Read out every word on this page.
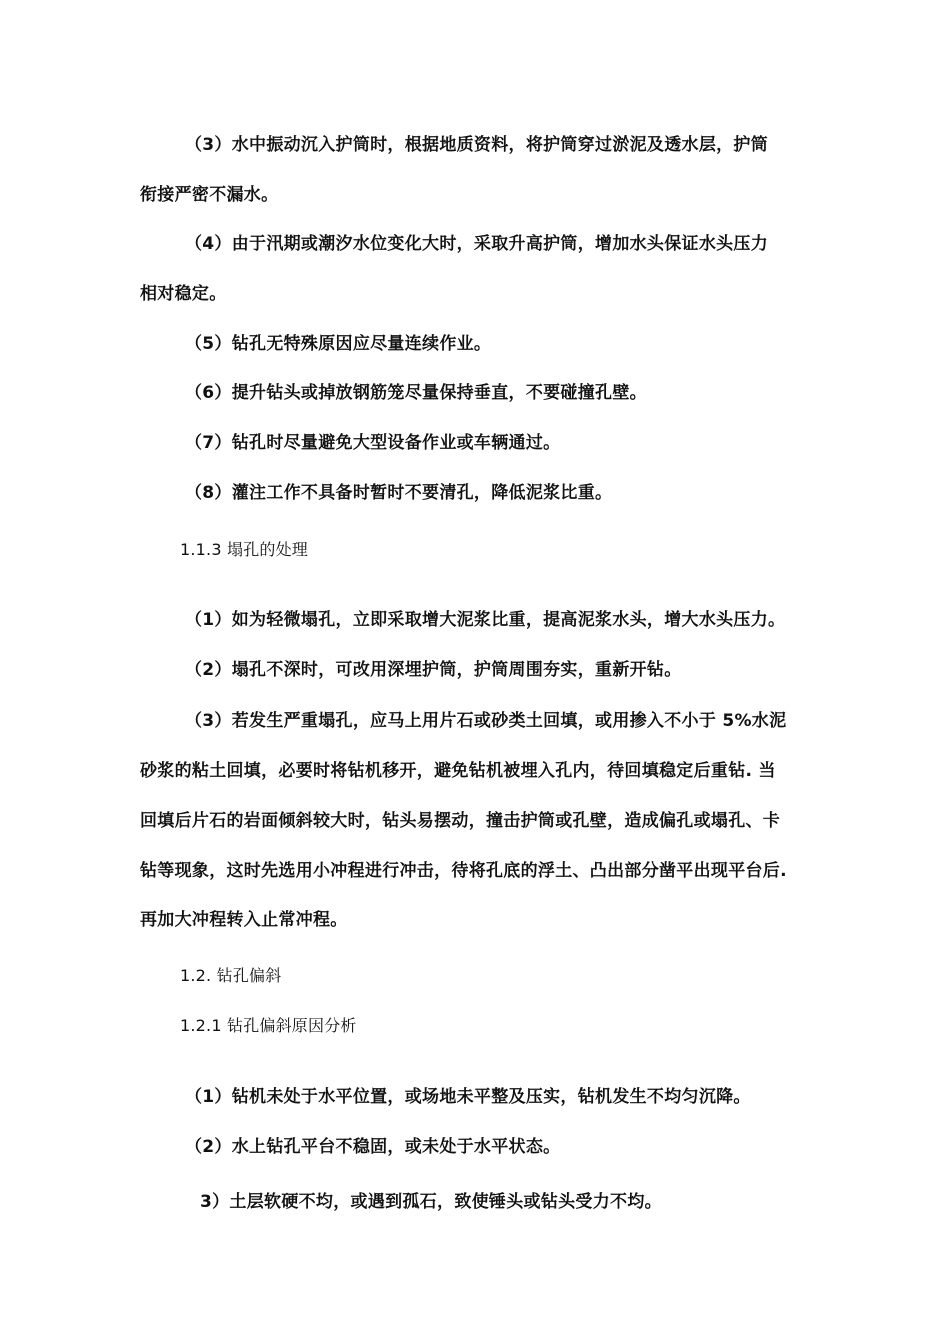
（3）水中振动沉入护筒时，根据地质资料，将护筒穿过淤泥及透水层，护筒
衔接严密不漏水。
（4）由于汛期或潮汐水位变化大时，采取升高护筒，增加水头保证水头压力
相对稳定。
（5）钻孔无特殊原因应尽量连续作业。
（6）提升钻头或掉放钢筋笼尽量保持垂直，不要碰撞孔壁。
（7）钻孔时尽量避免大型设备作业或车辆通过。
（8）灌注工作不具备时暂时不要清孔，降低泥浆比重。
1.1.3 塌孔的处理
（1）如为轻微塌孔，立即采取增大泥浆比重，提高泥浆水头，增大水头压力。
（2）塌孔不深时，可改用深埋护筒，护筒周围夯实，重新开钻。
（3）若发生严重塌孔，应马上用片石或砂类土回填，或用掺入不小于 5%水泥
砂浆的粘土回填，必要时将钻机移开，避免钻机被埋入孔内，待回填稳定后重钻. 当
回填后片石的岩面倾斜较大时，钻头易摆动，撞击护筒或孔壁，造成偏孔或塌孔、卡
钻等现象，这时先选用小冲程进行冲击，待将孔底的浮土、凸出部分凿平出现平台后.
再加大冲程转入止常冲程。
1.2. 钻孔偏斜
1.2.1 钻孔偏斜原因分析
（1）钻机未处于水平位置，或场地未平整及压实，钻机发生不均匀沉降。
（2）水上钻孔平台不稳固，或未处于水平状态。
3）土层软硬不均，或遇到孤石，致使锤头或钻头受力不均。
